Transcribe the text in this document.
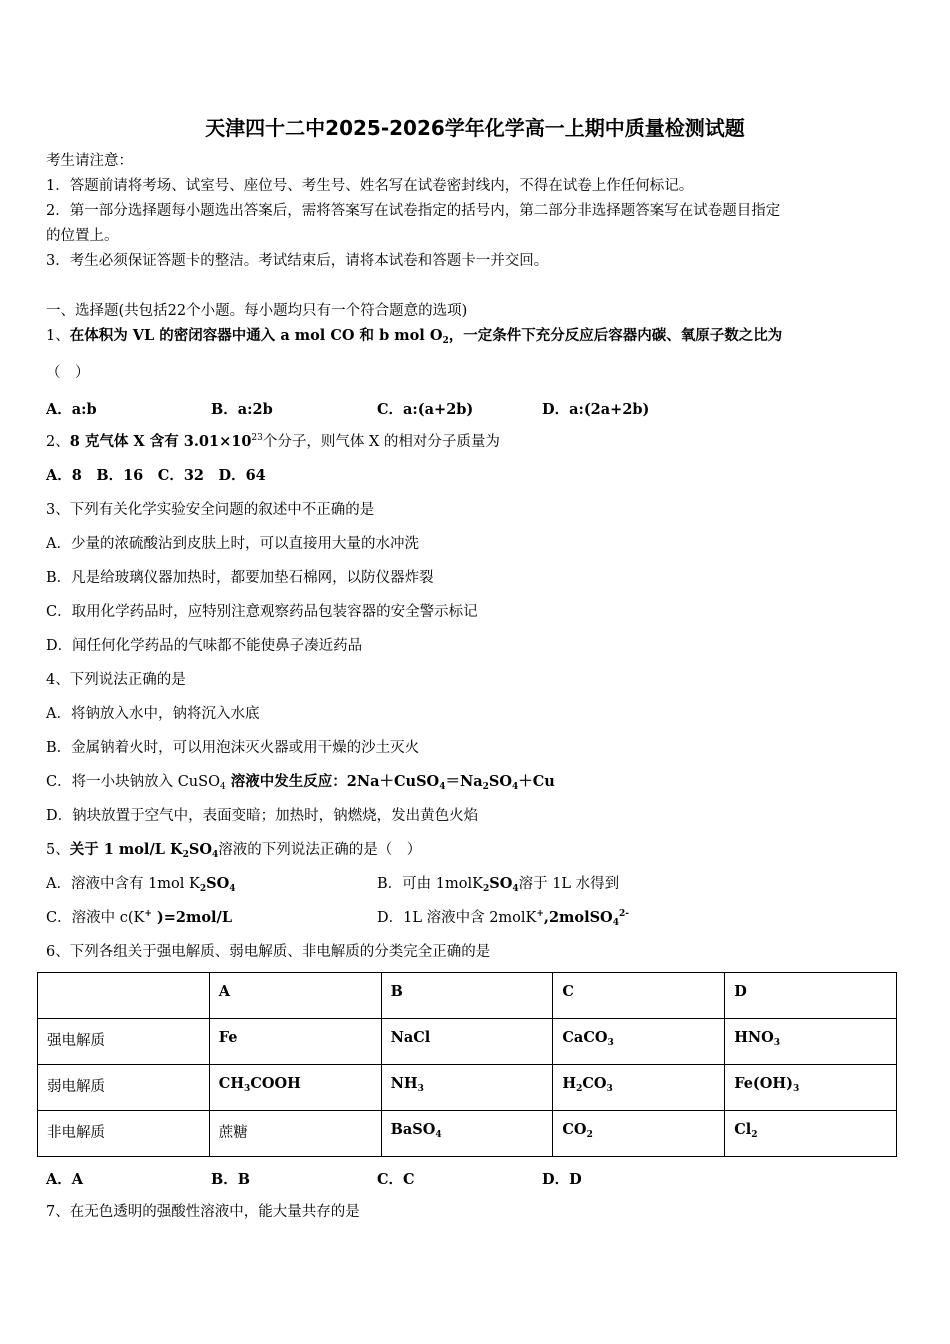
天津四十二中2025-2026学年化学高一上期中质量检测试题
考生请注意：
1．答题前请将考场、试室号、座位号、考生号、姓名写在试卷密封线内，不得在试卷上作任何标记。
2．第一部分选择题每小题选出答案后，需将答案写在试卷指定的括号内，第二部分非选择题答案写在试卷题目指定
的位置上。
3．考生必须保证答题卡的整洁。考试结束后，请将本试卷和答题卡一并交回。
一、选择题(共包括22个小题。每小题均只有一个符合题意的选项)
1、在体积为 VL 的密闭容器中通入 a mol CO 和 b mol $O_2$，一定条件下充分反应后容器内碳、氧原子数之比为
（　）
A．a:b	B．a:2b	C．a:(a+2b)	D．a:(2a+2b)
2、8 克气体 X 含有 $3.01\times 10^{23}$个分子，则气体 X 的相对分子质量为
A．8　B．16　C．32　D．64
3、下列有关化学实验安全问题的叙述中不正确的是
A．少量的浓硫酸沾到皮肤上时，可以直接用大量的水冲洗
B．凡是给玻璃仪器加热时，都要加垫石棉网，以防仪器炸裂
C．取用化学药品时，应特别注意观察药品包装容器的安全警示标记
D．闻任何化学药品的气味都不能使鼻子凑近药品
4、下列说法正确的是
A．将钠放入水中，钠将沉入水底
B．金属钠着火时，可以用泡沫灭火器或用干燥的沙土灭火
C．将一小块钠放入 CuSO$_4$ 溶液中发生反应：$2Na+CuSO_4=Na_2SO_4+Cu$
D．钠块放置于空气中，表面变暗；加热时，钠燃烧，发出黄色火焰
5、关于 1 mol/L $K_2SO_4$溶液的下列说法正确的是（　）
A．溶液中含有 1mol $K_2SO_4$	B．可由 $1molK_2SO_4$溶于 1L 水得到
C．溶液中 c(K+ )=2mol/L	D．1L 溶液中含 2molK+,2molSO$_4^{2-}$
6、下列各组关于强电解质、弱电解质、非电解质的分类完全正确的是
	A	B	C	D
强电解质	Fe	NaCl	CaCO$_3$	$HNO_3$
弱电解质	$CH_3COOH$	$NH_3$	$H_2CO_3$	$Fe(OH)_3$
非电解质	蔗糖	BaSO$_4$	$CO_2$	$Cl_2$
A．A	B．B	C．C	D．D
7、在无色透明的强酸性溶液中，能大量共存的是
